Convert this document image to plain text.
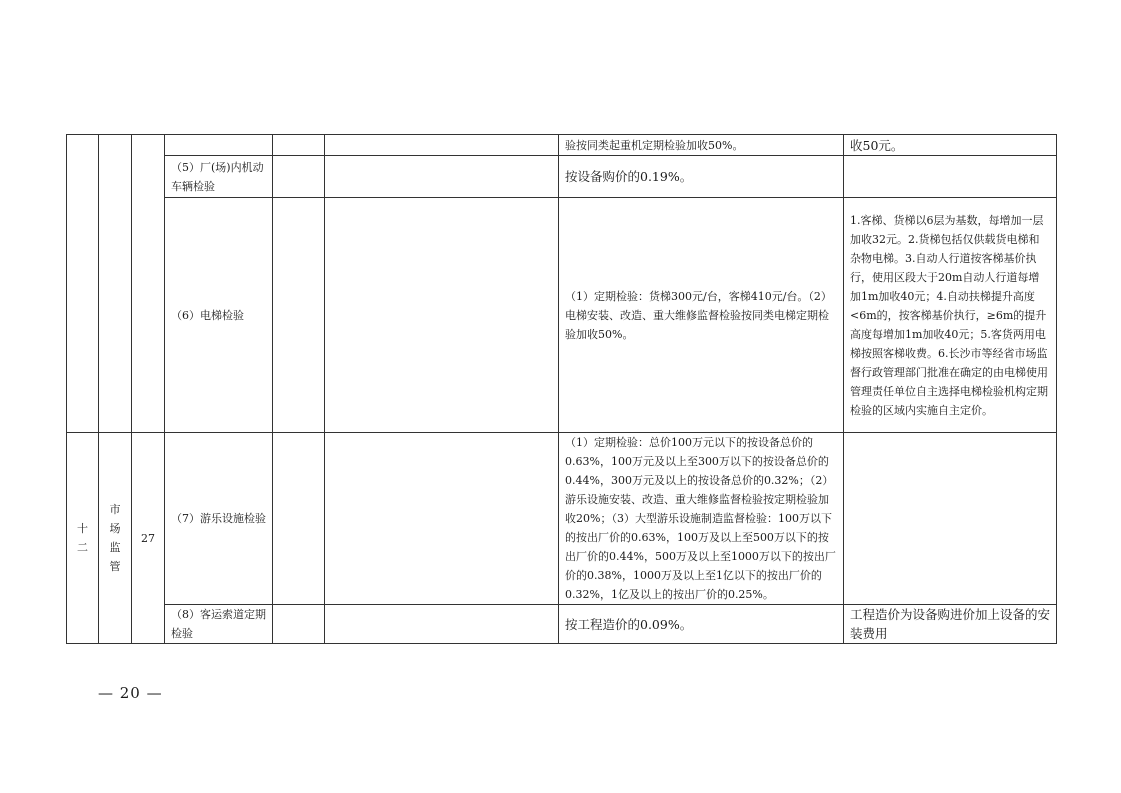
						验按同类起重机定期检验加收50%。	收50元。
			（5）厂(场)内机动车辆检验			按设备购价的0.19%。	
			（6）电梯检验			（1）定期检验：货梯300元/台，客梯410元/台。（2）电梯安装、改造、重大维修监督检验按同类电梯定期检验加收50%。	1.客梯、货梯以6层为基数，每增加一层加收32元。2.货梯包括仅供载货电梯和杂物电梯。3.自动人行道按客梯基价执行，使用区段大于20m自动人行道每增加1m加收40元；4.自动扶梯提升高度<6m的，按客梯基价执行，≥6m的提升高度每增加1m加收40元；5.客货两用电梯按照客梯收费。6.长沙市等经省市场监督行政管理部门批准在确定的由电梯使用管理责任单位自主选择电梯检验机构定期检验的区域内实施自主定价。
十二	市场监管	27	（7）游乐设施检验			（1）定期检验：总价100万元以下的按设备总价的0.63%，100万元及以上至300万以下的按设备总价的0.44%，300万元及以上的按设备总价的0.32%；（2）游乐设施安装、改造、重大维修监督检验按定期检验加收20%；（3）大型游乐设施制造监督检验：100万以下的按出厂价的0.63%，100万及以上至500万以下的按出厂价的0.44%，500万及以上至1000万以下的按出厂价的0.38%，1000万及以上至1亿以下的按出厂价的0.32%，1亿及以上的按出厂价的0.25%。	
			（8）客运索道定期检验			按工程造价的0.09%。	工程造价为设备购进价加上设备的安装费用
— 20 —
